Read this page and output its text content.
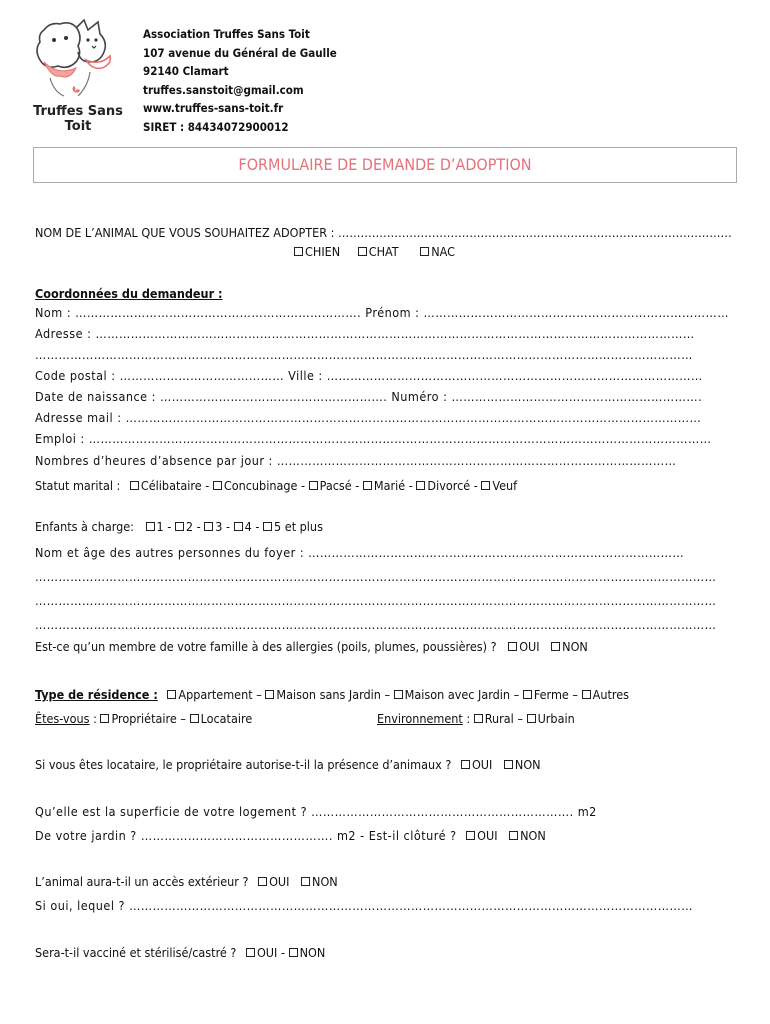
Truffes Sans Toit
Association Truffes Sans Toit
107 avenue du Général de Gaulle
92140 Clamart
truffes.sanstoit@gmail.com
www.truffes-sans-toit.fr
SIRET : 84434072900012
FORMULAIRE DE DEMANDE D’ADOPTION
NOM DE L’ANIMAL QUE VOUS SOUHAITEZ ADOPTER : ……………………………………………………………………………………………
CHIEN CHAT	NAC
Coordonnées du demandeur :
Nom : ………………………………………………………………. Prénom : ……………………………………………………………………
Adresse : ………………………………………………………………………………………………………………………………………
……………………………………………………………………………………………………………………………………………………
Code postal : …………………………………… Ville : ……………………………………………………………………………………
Date de naissance : …………………………………………………. Numéro : ……………………………………………………….
Adresse mail : …………………………………………………………………………………………………………………………………
Emploi : ……………………………………………………………………………………………………………………………………………
Nombres d’heures d’absence par jour : …………………………………………………………………………………………
Statut marital : Célibataire - Concubinage - Pacsé - Marié - Divorcé - Veuf
Enfants à charge: 1 - 2 - 3 - 4 - 5 et plus
Nom et âge des autres personnes du foyer : ……………………………………………………………………………………
…………………………………………………………………………………………………………………………………………………………
…………………………………………………………………………………………………………………………………………………………
…………………………………………………………………………………………………………………………………………………………
Est-ce qu’un membre de votre famille à des allergies (poils, plumes, poussières) ? OUI NON
Type de résidence : Appartement – Maison sans Jardin – Maison avec Jardin – Ferme – Autres
Êtes-vous : Propriétaire – Locataire	Environnement : Rural – Urbain
Si vous êtes locataire, le propriétaire autorise-t-il la présence d’animaux ? OUI NON
Qu’elle est la superficie de votre logement ? …………………………………………………………. m2
De votre jardin ? …………………………………………. m2 - Est-il clôturé ? OUI NON
L’animal aura-t-il un accès extérieur ? OUI NON
Si oui, lequel ? ………………………………………………………………………………………………………………………………
Sera-t-il vacciné et stérilisé/castré ? OUI - NON
